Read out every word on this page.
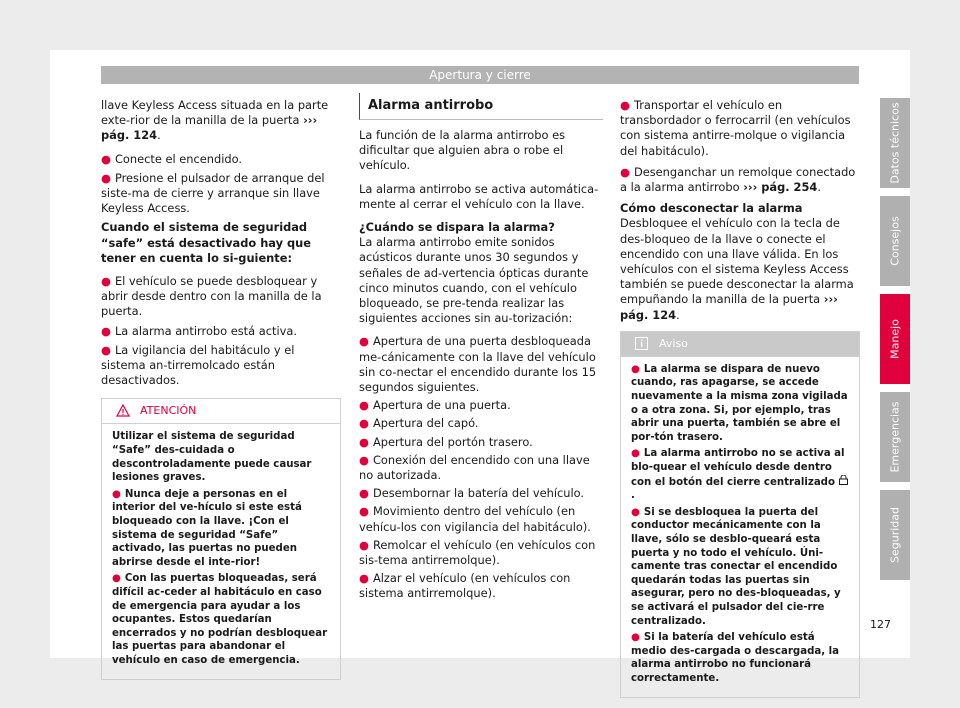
Apertura y cierre

llave Keyless Access situada en la parte exte-rior de la manilla de la puerta ››› pág. 124.

● Conecte el encendido.

● Presione el pulsador de arranque del siste-ma de cierre y arranque sin llave Keyless Access.

Cuando el sistema de seguridad “safe” está desactivado hay que tener en cuenta lo si-guiente:

● El vehículo se puede desbloquear y abrir desde dentro con la manilla de la puerta.

● La alarma antirrobo está activa.

● La vigilancia del habitáculo y el sistema an-tirremolcado están desactivados.

ATENCIÓN

Utilizar el sistema de seguridad “Safe” des-cuidada o descontroladamente puede causar lesiones graves.

● Nunca deje a personas en el interior del ve-hículo si este está bloqueado con la llave. ¡Con el sistema de seguridad “Safe” activado, las puertas no pueden abrirse desde el inte-rior!

● Con las puertas bloqueadas, será difícil ac-ceder al habitáculo en caso de emergencia para ayudar a los ocupantes. Estos quedarían encerrados y no podrían desbloquear las puertas para abandonar el vehículo en caso de emergencia.

Alarma antirrobo

La función de la alarma antirrobo es dificultar que alguien abra o robe el vehículo.

La alarma antirrobo se activa automática-mente al cerrar el vehículo con la llave.

¿Cuándo se dispara la alarma?

La alarma antirrobo emite sonidos acústicos durante unos 30 segundos y señales de ad-vertencia ópticas durante cinco minutos cuando, con el vehículo bloqueado, se pre-tenda realizar las siguientes acciones sin au-torización:

● Apertura de una puerta desbloqueada me-cánicamente con la llave del vehículo sin co-nectar el encendido durante los 15 segundos siguientes.

● Apertura de una puerta.

● Apertura del capó.

● Apertura del portón trasero.

● Conexión del encendido con una llave no autorizada.

● Desembornar la batería del vehículo.

● Movimiento dentro del vehículo (en vehícu-los con vigilancia del habitáculo).

● Remolcar el vehículo (en vehículos con sis-tema antirremolque).

● Alzar el vehículo (en vehículos con sistema antirremolque).

● Transportar el vehículo en transbordador o ferrocarril (en vehículos con sistema antirre-molque o vigilancia del habitáculo).

● Desenganchar un remolque conectado a la alarma antirrobo ››› pág. 254.

Cómo desconectar la alarma

Desbloquee el vehículo con la tecla de des-bloqueo de la llave o conecte el encendido con una llave válida. En los vehículos con el sistema Keyless Access también se puede desconectar la alarma empuñando la manilla de la puerta ››› pág. 124.

Aviso

● La alarma se dispara de nuevo cuando, ras apagarse, se accede nuevamente a la misma zona vigilada o a otra zona. Si, por ejemplo, tras abrir una puerta, también se abre el por-tón trasero.

● La alarma antirrobo no se activa al blo-quear el vehículo desde dentro con el botón del cierre centralizado .

● Si se desbloquea la puerta del conductor mecánicamente con la llave, sólo se desblo-queará esta puerta y no todo el vehículo. Úni-camente tras conectar el encendido quedarán todas las puertas sin asegurar, pero no des-bloqueadas, y se activará el pulsador del cie-rre centralizado.

● Si la batería del vehículo está medio des-cargada o descargada, la alarma antirrobo no funcionará correctamente.

Datos técnicos
Consejos
Manejo
Emergencias
Seguridad
127
